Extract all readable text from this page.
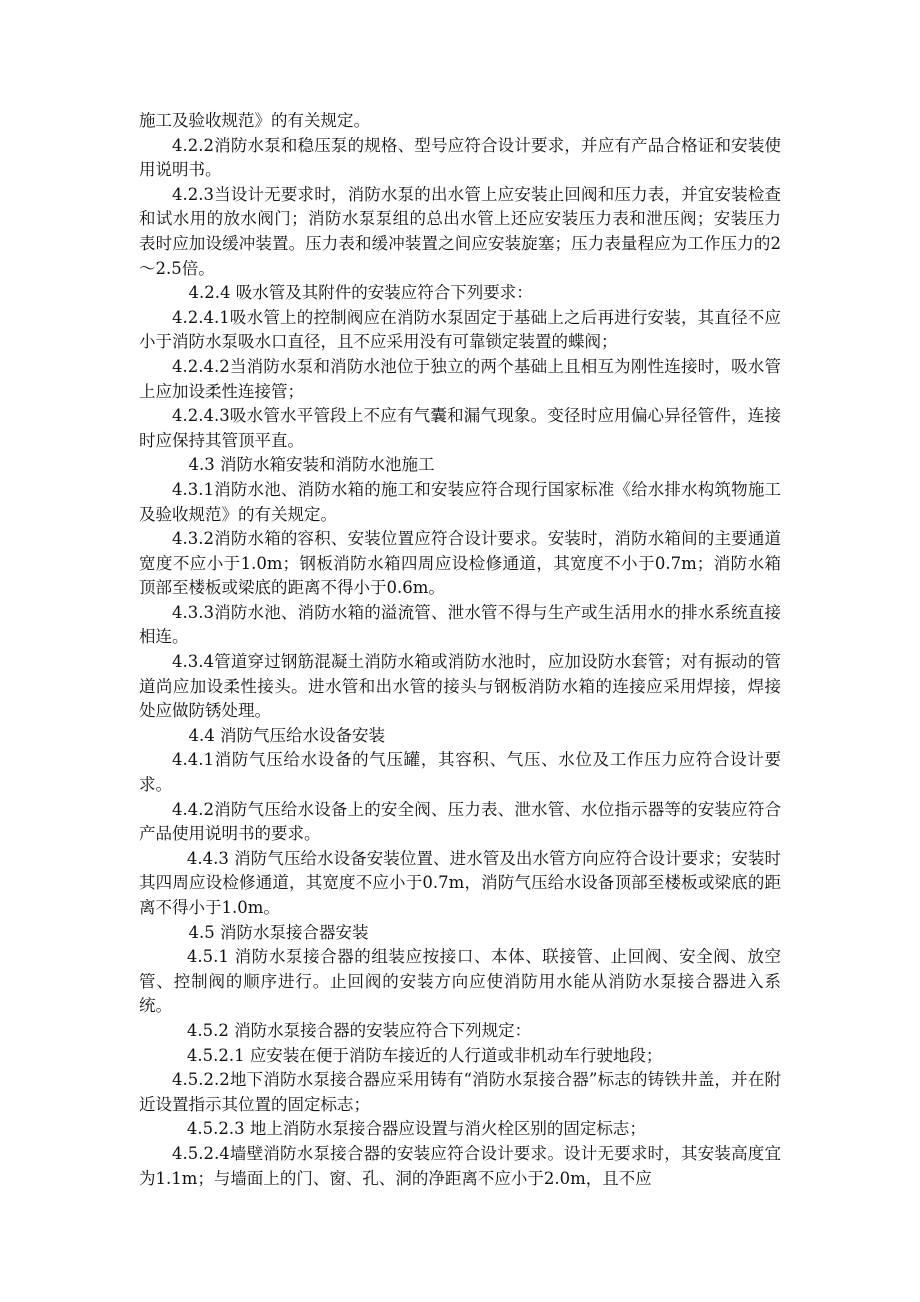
施工及验收规范》的有关规定。

4.2.2消防水泵和稳压泵的规格、型号应符合设计要求，并应有产品合格证和安装使用说明书。

4.2.3当设计无要求时，消防水泵的出水管上应安装止回阀和压力表，并宜安装检查和试水用的放水阀门；消防水泵泵组的总出水管上还应安装压力表和泄压阀；安装压力表时应加设缓冲装置。压力表和缓冲装置之间应安装旋塞；压力表量程应为工作压力的2～2.5倍。

4.2.4 吸水管及其附件的安装应符合下列要求：

4.2.4.1吸水管上的控制阀应在消防水泵固定于基础上之后再进行安装，其直径不应小于消防水泵吸水口直径，且不应采用没有可靠锁定装置的蝶阀；

4.2.4.2当消防水泵和消防水池位于独立的两个基础上且相互为刚性连接时，吸水管上应加设柔性连接管；

4.2.4.3吸水管水平管段上不应有气囊和漏气现象。变径时应用偏心异径管件，连接时应保持其管顶平直。

4.3 消防水箱安装和消防水池施工

4.3.1消防水池、消防水箱的施工和安装应符合现行国家标准《给水排水构筑物施工及验收规范》的有关规定。

4.3.2消防水箱的容积、安装位置应符合设计要求。安装时，消防水箱间的主要通道宽度不应小于1.0m；钢板消防水箱四周应设检修通道，其宽度不小于0.7m；消防水箱顶部至楼板或梁底的距离不得小于0.6m。

4.3.3消防水池、消防水箱的溢流管、泄水管不得与生产或生活用水的排水系统直接相连。

4.3.4管道穿过钢筋混凝土消防水箱或消防水池时，应加设防水套管；对有振动的管道尚应加设柔性接头。进水管和出水管的接头与钢板消防水箱的连接应采用焊接，焊接处应做防锈处理。

4.4 消防气压给水设备安装

4.4.1消防气压给水设备的气压罐，其容积、气压、水位及工作压力应符合设计要求。

4.4.2消防气压给水设备上的安全阀、压力表、泄水管、水位指示器等的安装应符合产品使用说明书的要求。

4.4.3 消防气压给水设备安装位置、进水管及出水管方向应符合设计要求；安装时其四周应设检修通道，其宽度不应小于0.7m，消防气压给水设备顶部至楼板或梁底的距离不得小于1.0m。

4.5 消防水泵接合器安装

4.5.1 消防水泵接合器的组装应按接口、本体、联接管、止回阀、安全阀、放空管、控制阀的顺序进行。止回阀的安装方向应使消防用水能从消防水泵接合器进入系统。

4.5.2 消防水泵接合器的安装应符合下列规定：

4.5.2.1 应安装在便于消防车接近的人行道或非机动车行驶地段；

4.5.2.2地下消防水泵接合器应采用铸有“消防水泵接合器”标志的铸铁井盖，并在附近设置指示其位置的固定标志；

4.5.2.3 地上消防水泵接合器应设置与消火栓区别的固定标志；

4.5.2.4墙壁消防水泵接合器的安装应符合设计要求。设计无要求时，其安装高度宜为1.1m；与墙面上的门、窗、孔、洞的净距离不应小于2.0m，且不应
